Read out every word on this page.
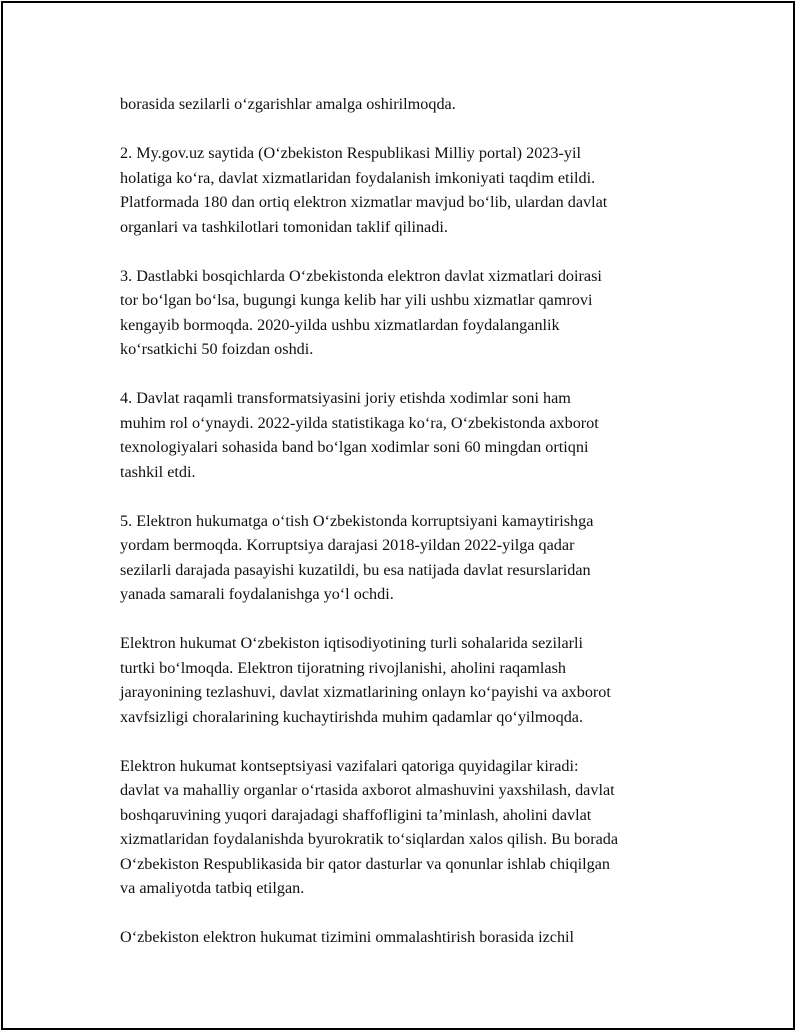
borasida sezilarli o‘zgarishlar amalga oshirilmoqda.

2. My.gov.uz saytida (O‘zbekiston Respublikasi Milliy portal) 2023-yil
holatiga ko‘ra, davlat xizmatlaridan foydalanish imkoniyati taqdim etildi.
Platformada 180 dan ortiq elektron xizmatlar mavjud bo‘lib, ulardan davlat
organlari va tashkilotlari tomonidan taklif qilinadi.

3. Dastlabki bosqichlarda O‘zbekistonda elektron davlat xizmatlari doirasi
tor bo‘lgan bo‘lsa, bugungi kunga kelib har yili ushbu xizmatlar qamrovi
kengayib bormoqda. 2020-yilda ushbu xizmatlardan foydalanganlik
ko‘rsatkichi 50 foizdan oshdi.

4. Davlat raqamli transformatsiyasini joriy etishda xodimlar soni ham
muhim rol o‘ynaydi. 2022-yilda statistikaga ko‘ra, O‘zbekistonda axborot
texnologiyalari sohasida band bo‘lgan xodimlar soni 60 mingdan ortiqni
tashkil etdi.

5. Elektron hukumatga o‘tish O‘zbekistonda korruptsiyani kamaytirishga
yordam bermoqda. Korruptsiya darajasi 2018-yildan 2022-yilga qadar
sezilarli darajada pasayishi kuzatildi, bu esa natijada davlat resurslaridan
yanada samarali foydalanishga yo‘l ochdi.

Elektron hukumat O‘zbekiston iqtisodiyotining turli sohalarida sezilarli
turtki bo‘lmoqda. Elektron tijoratning rivojlanishi, aholini raqamlash
jarayonining tezlashuvi, davlat xizmatlarining onlayn ko‘payishi va axborot
xavfsizligi choralarining kuchaytirishda muhim qadamlar qo‘yilmoqda.

Elektron hukumat kontseptsiyasi vazifalari qatoriga quyidagilar kiradi:
davlat va mahalliy organlar o‘rtasida axborot almashuvini yaxshilash, davlat
boshqaruvining yuqori darajadagi shaffofligini ta’minlash, aholini davlat
xizmatlaridan foydalanishda byurokratik to‘siqlardan xalos qilish. Bu borada
O‘zbekiston Respublikasida bir qator dasturlar va qonunlar ishlab chiqilgan
va amaliyotda tatbiq etilgan.

O‘zbekiston elektron hukumat tizimini ommalashtirish borasida izchil
